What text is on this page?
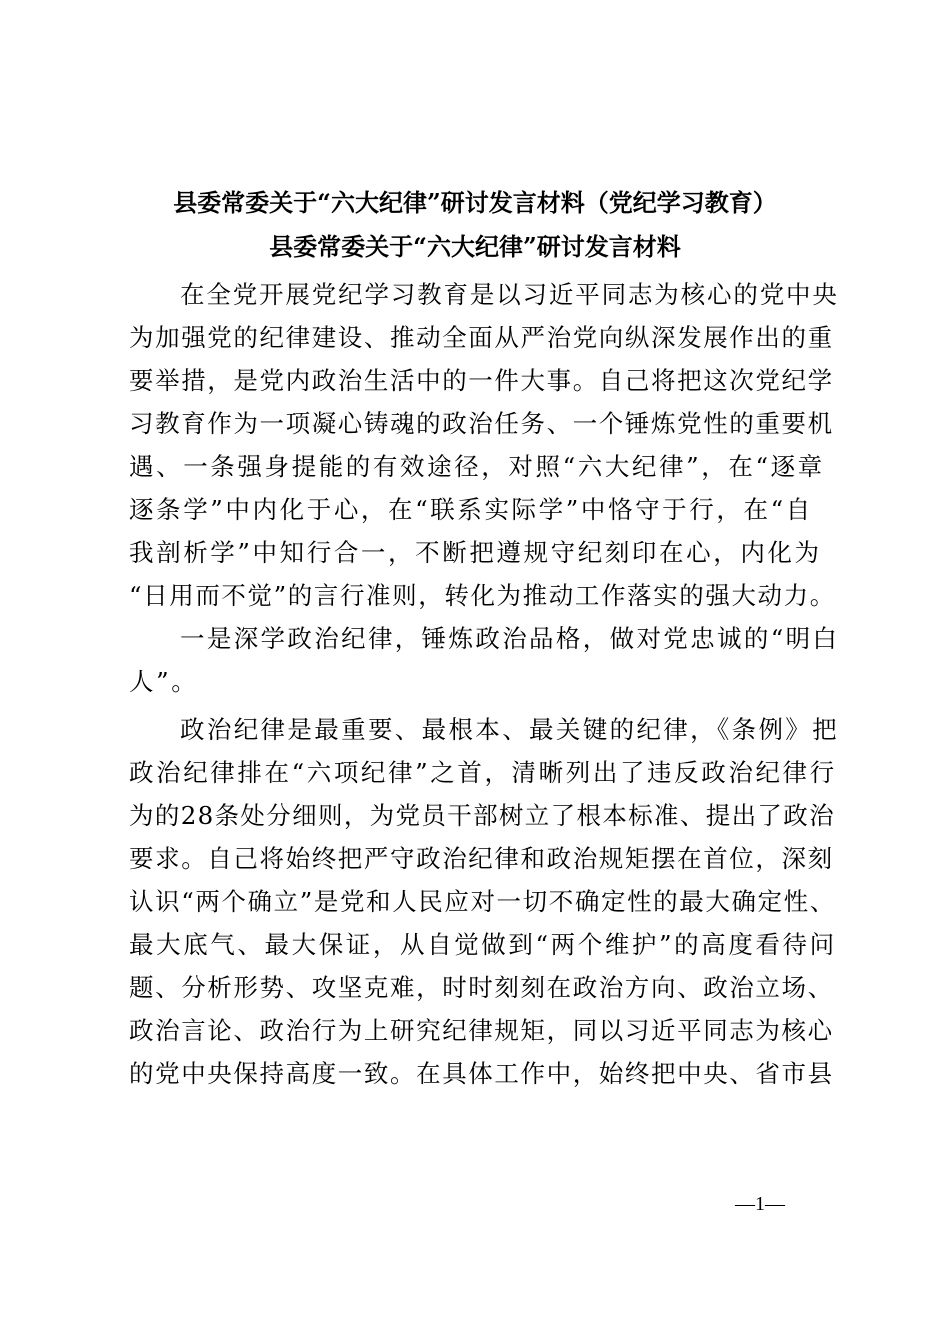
县委常委关于“六大纪律”研讨发言材料（党纪学习教育）
县委常委关于“六大纪律”研讨发言材料
在全党开展党纪学习教育是以习近平同志为核心的党中央
为加强党的纪律建设、推动全面从严治党向纵深发展作出的重
要举措，是党内政治生活中的一件大事。自己将把这次党纪学
习教育作为一项凝心铸魂的政治任务、一个锤炼党性的重要机
遇、一条强身提能的有效途径，对照“六大纪律”，在“逐章
逐条学”中内化于心，在“联系实际学”中恪守于行，在“自
我剖析学”中知行合一，不断把遵规守纪刻印在心，内化为
“日用而不觉”的言行准则，转化为推动工作落实的强大动力。
一是深学政治纪律，锤炼政治品格，做对党忠诚的“明白
人”。
政治纪律是最重要、最根本、最关键的纪律，《条例》把
政治纪律排在“六项纪律”之首，清晰列出了违反政治纪律行
为的28条处分细则，为党员干部树立了根本标准、提出了政治
要求。自己将始终把严守政治纪律和政治规矩摆在首位，深刻
认识“两个确立”是党和人民应对一切不确定性的最大确定性、
最大底气、最大保证，从自觉做到“两个维护”的高度看待问
题、分析形势、攻坚克难，时时刻刻在政治方向、政治立场、
政治言论、政治行为上研究纪律规矩，同以习近平同志为核心
的党中央保持高度一致。在具体工作中，始终把中央、省市县
—1—
